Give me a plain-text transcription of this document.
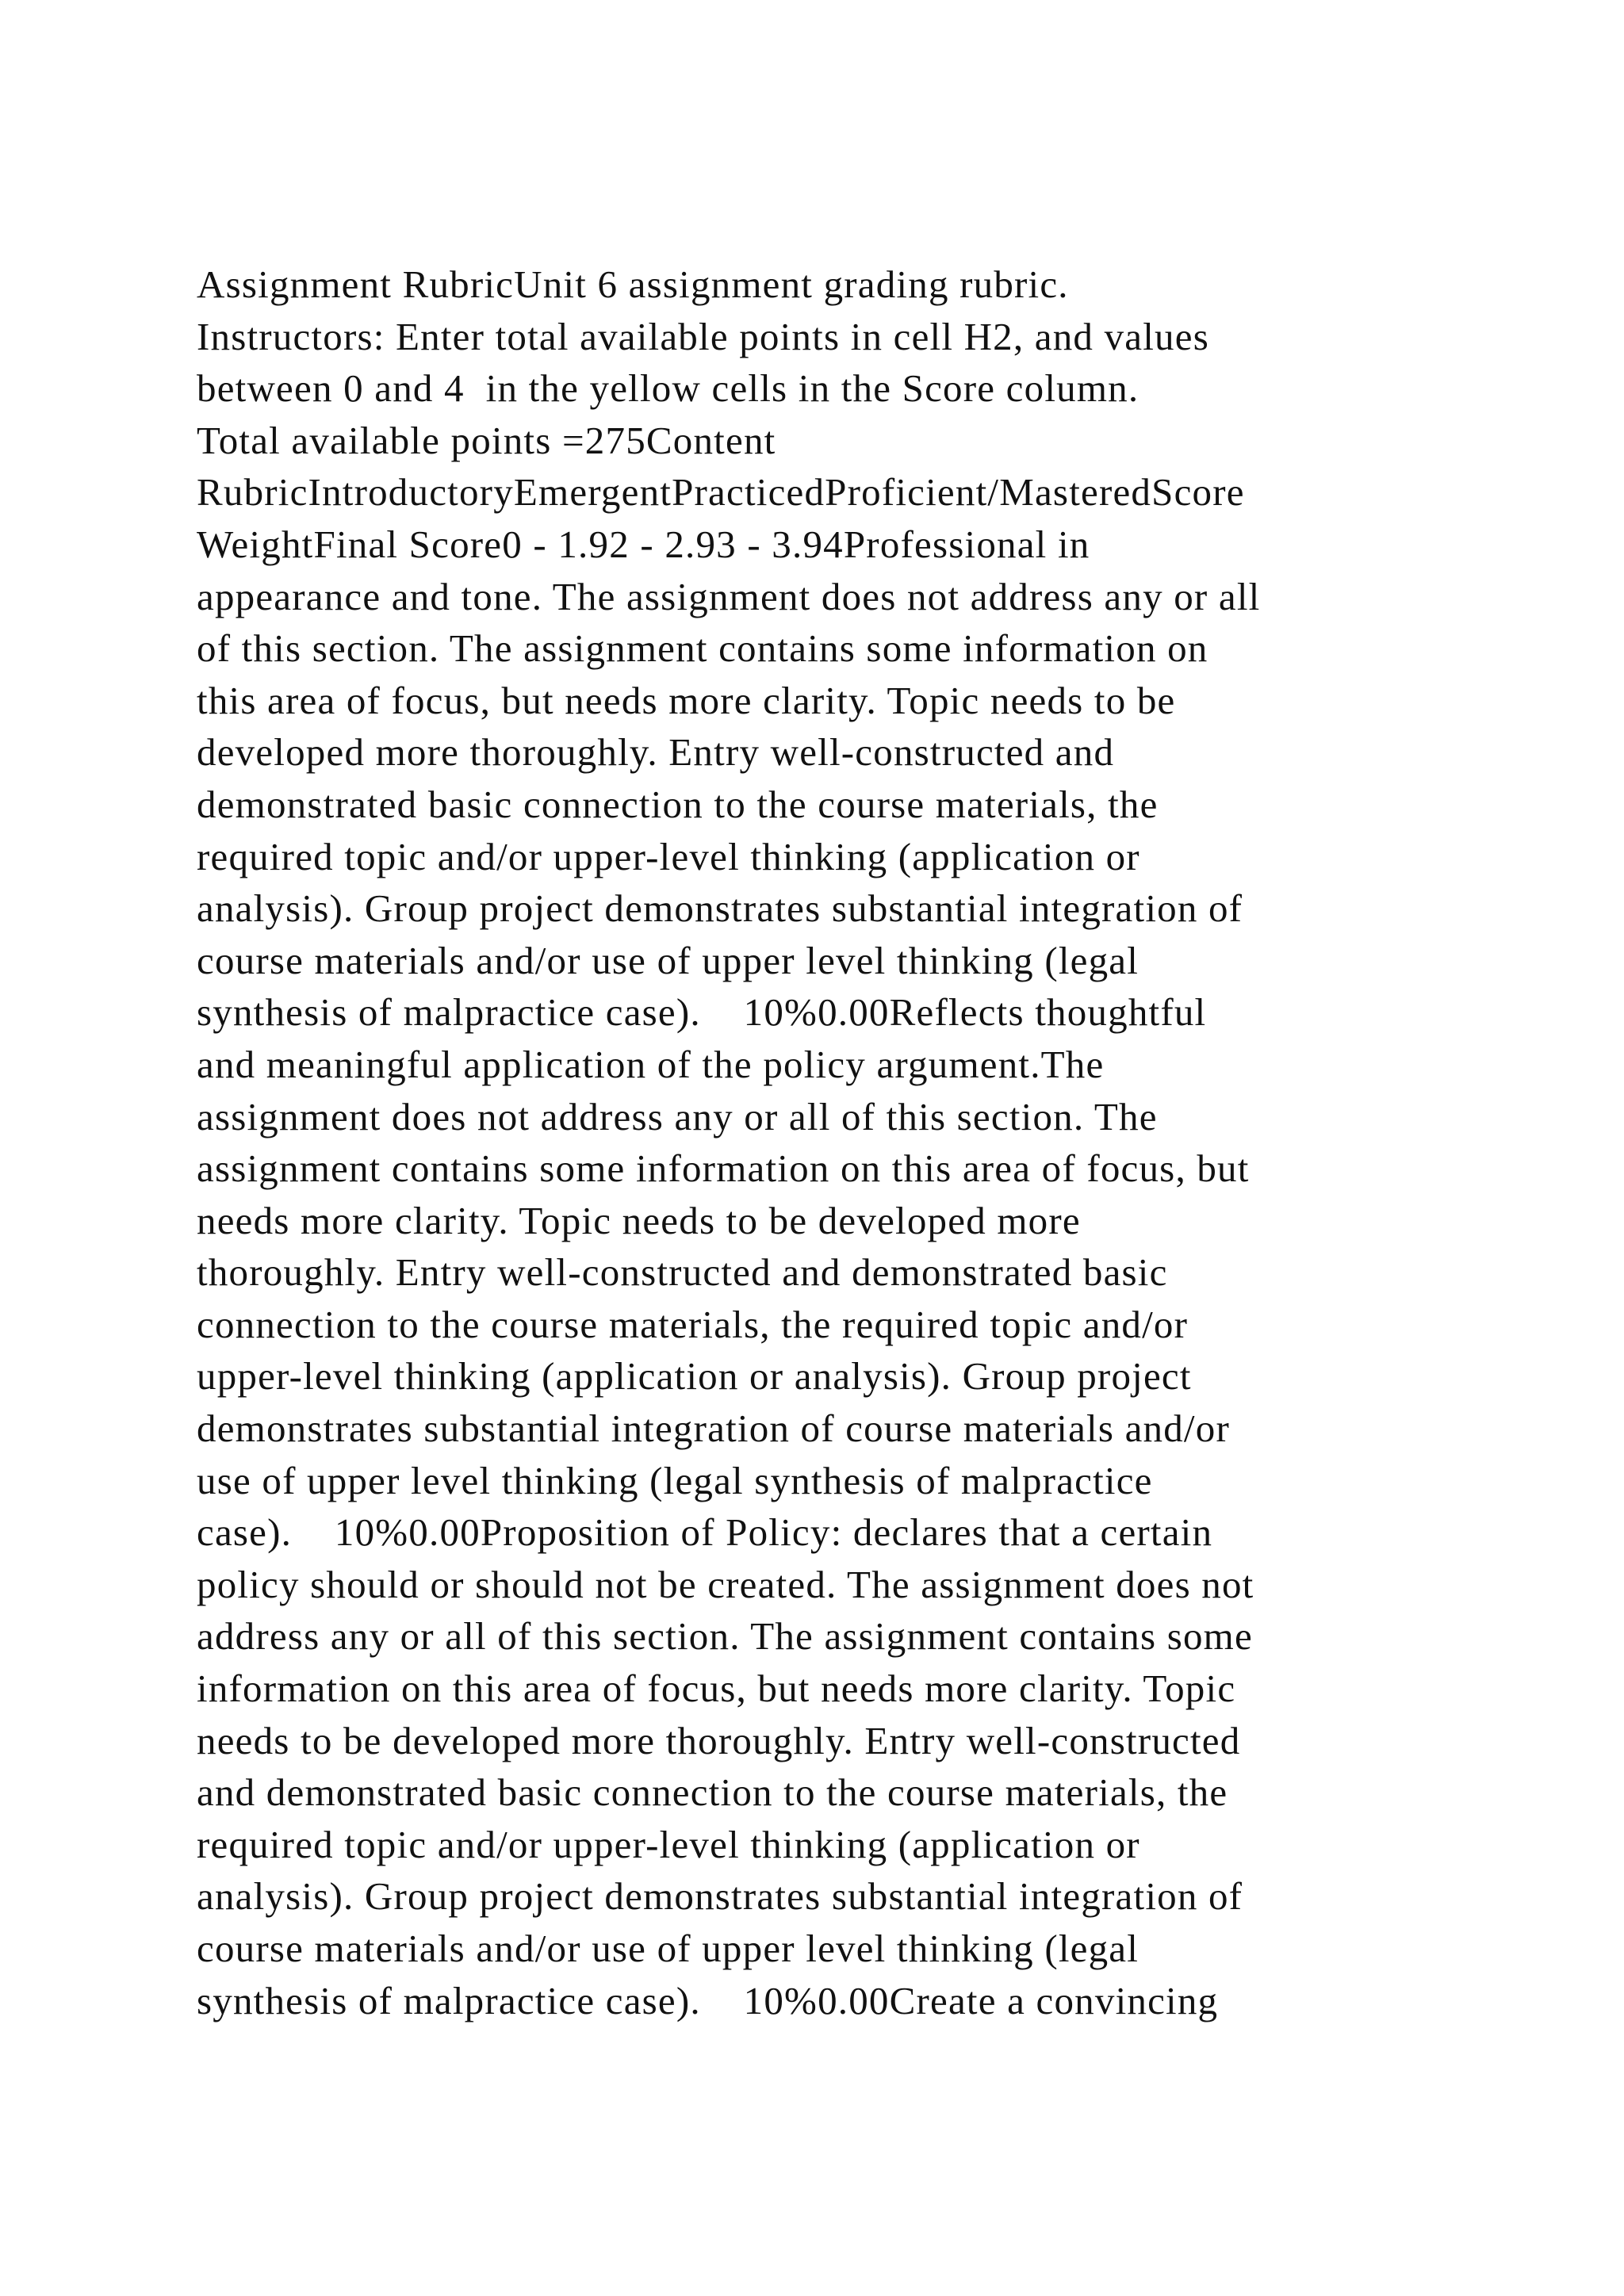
Assignment RubricUnit 6 assignment grading rubric.
Instructors: Enter total available points in cell H2, and values
between 0 and 4  in the yellow cells in the Score column.
Total available points =275Content
RubricIntroductoryEmergentPracticedProficient/MasteredScore
WeightFinal Score0 - 1.92 - 2.93 - 3.94Professional in
appearance and tone. The assignment does not address any or all
of this section. The assignment contains some information on
this area of focus, but needs more clarity. Topic needs to be
developed more thoroughly. Entry well-constructed and
demonstrated basic connection to the course materials, the
required topic and/or upper-level thinking (application or
analysis). Group project demonstrates substantial integration of
course materials and/or use of upper level thinking (legal
synthesis of malpractice case).    10%0.00Reflects thoughtful
and meaningful application of the policy argument.The
assignment does not address any or all of this section. The
assignment contains some information on this area of focus, but
needs more clarity. Topic needs to be developed more
thoroughly. Entry well-constructed and demonstrated basic
connection to the course materials, the required topic and/or
upper-level thinking (application or analysis). Group project
demonstrates substantial integration of course materials and/or
use of upper level thinking (legal synthesis of malpractice
case).    10%0.00Proposition of Policy: declares that a certain
policy should or should not be created. The assignment does not
address any or all of this section. The assignment contains some
information on this area of focus, but needs more clarity. Topic
needs to be developed more thoroughly. Entry well-constructed
and demonstrated basic connection to the course materials, the
required topic and/or upper-level thinking (application or
analysis). Group project demonstrates substantial integration of
course materials and/or use of upper level thinking (legal
synthesis of malpractice case).    10%0.00Create a convincing
